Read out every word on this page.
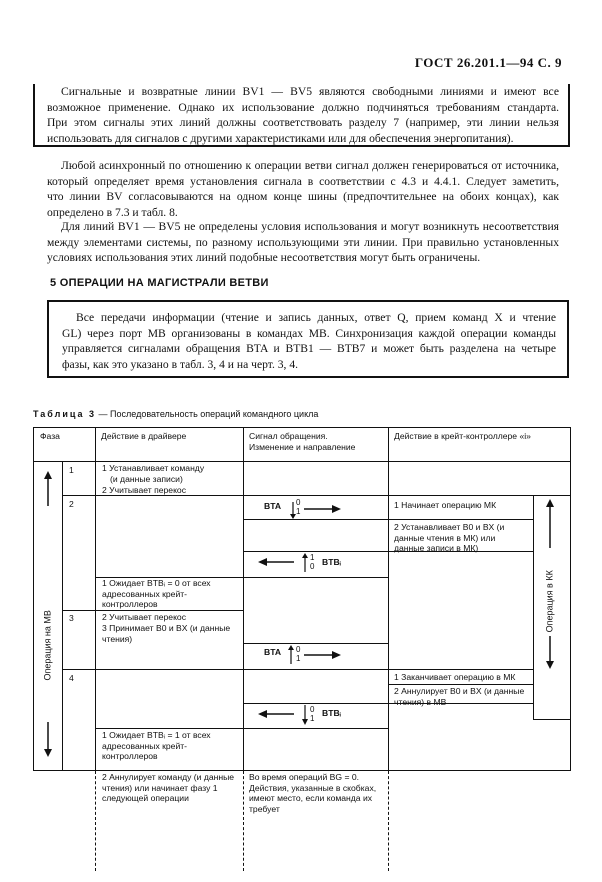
ГОСТ 26.201.1—94 С. 9
Сигнальные и возвратные линии BV1 — BV5 являются свободными линиями и имеют все
возможное применение. Однако их использование должно подчиняться требованиям стандарта.
При этом сигналы этих линий должны соответствовать разделу 7 (например, эти линии нельзя
использовать для сигналов с другими характеристиками или для обеспечения энергопитания).
Любой асинхронный по отношению к операции ветви сигнал должен генерироваться от источника,
который определяет время установления сигнала в соответствии с 4.3 и 4.4.1. Следует заметить,
что линии BV согласовываются на одном конце шины (предпочтительнее на обоих концах), как
определено в 7.3 и табл. 8.
Для линий BV1 — BV5 не определены условия использования и могут возникнуть несоответствия
между элементами системы, по разному использующими эти линии. При правильно установленных
условиях использования этих линий подобные несоответствия могут быть ограничены.
5 ОПЕРАЦИИ НА МАГИСТРАЛИ ВЕТВИ
Все передачи информации (чтение и запись данных, ответ Q, прием команд X и чтение
GL) через порт MB организованы в командах MB. Синхронизация каждой операции команды
управляется сигналами обращения BTA и BTB1 — BTB7 и может быть разделена на четыре
фазы, как это указано в табл. 3, 4 и на черт. 3, 4.
Таблица 3 — Последовательность операций командного цикла
Фаза	Действие в драйвере	Сигнал обращения. Изменение и направление
Действие в крейт-контроллере «i»
1
2
3
4
Операция на МВ
Операция в КК
1 Устанавливает команду
(и данные записи)
2 Учитывает перекос
1 Ожидает BTBᵢ = 0 от всех адресованных крейт-контроллеров
2 Учитывает перекос
3 Принимает B0 и BX (и данные чтения)
1 Ожидает BTBᵢ = 1 от всех адресованных крейт-контроллеров
2 Аннулирует команду (и данные чтения) или начинает фазу 1 следующей операции
BTA 0 1
1 0 BTBᵢ
BTA 0 1
0 1
BTBᵢ
Во время операций BG = 0. Действия, указанные в скобках, имеют место, если команда их требует
1 Начинает операцию МК
2 Устанавливает B0 и BX (и данные чтения в МК) или данные записи в МК)
1 Заканчивает операцию в МК
2 Аннулирует B0 и BX (и данные чтения) в МВ
